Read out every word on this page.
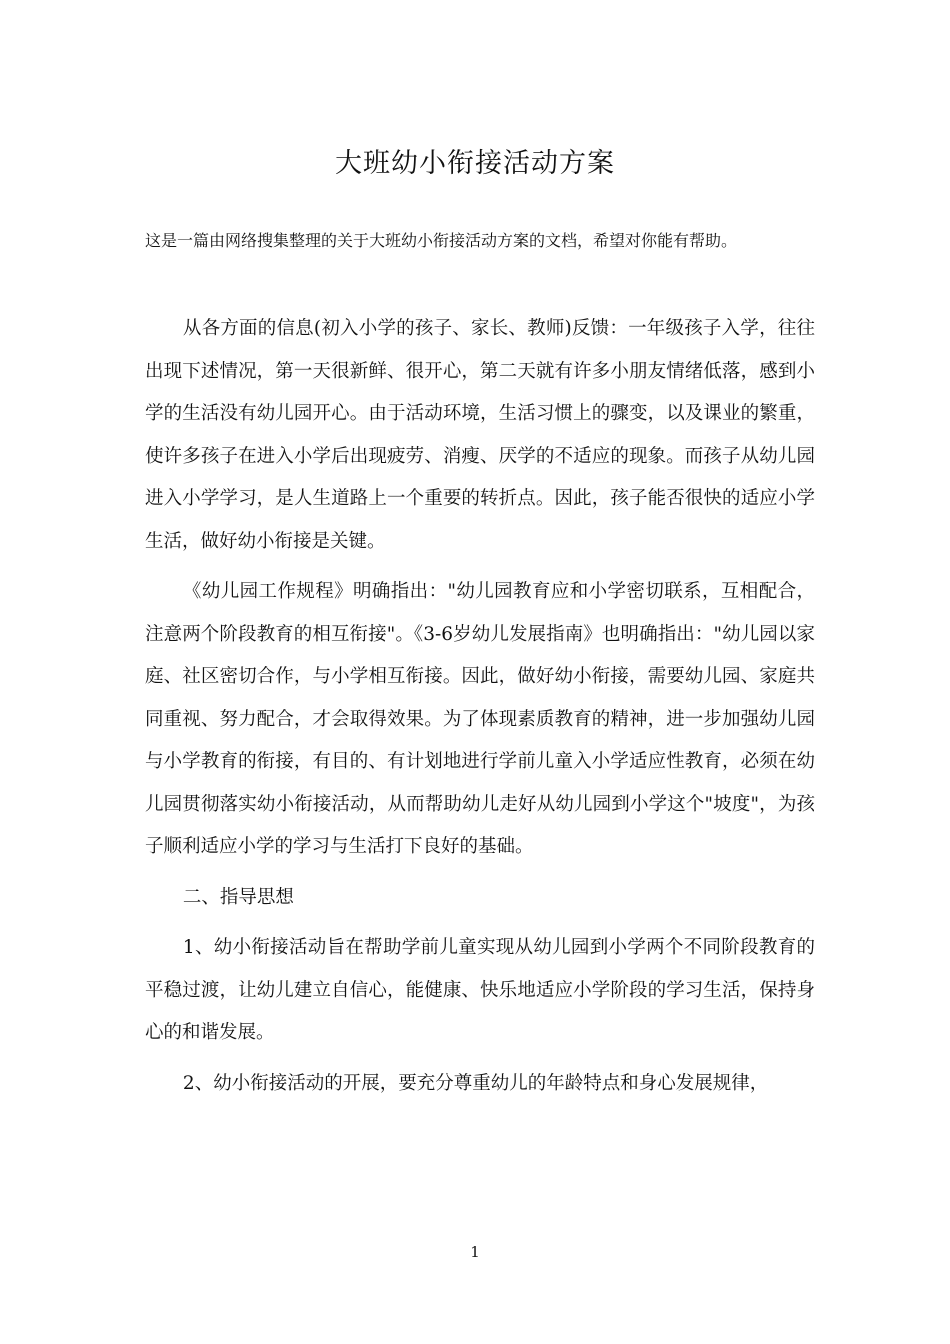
大班幼小衔接活动方案

这是一篇由网络搜集整理的关于大班幼小衔接活动方案的文档，希望对你能有帮助。

从各方面的信息(初入小学的孩子、家长、教师)反馈：一年级孩子入学，往往出现下述情况，第一天很新鲜、很开心，第二天就有许多小朋友情绪低落，感到小学的生活没有幼儿园开心。由于活动环境，生活习惯上的骤变，以及课业的繁重，使许多孩子在进入小学后出现疲劳、消瘦、厌学的不适应的现象。而孩子从幼儿园进入小学学习，是人生道路上一个重要的转折点。因此，孩子能否很快的适应小学生活，做好幼小衔接是关键。

《幼儿园工作规程》明确指出："幼儿园教育应和小学密切联系，互相配合，注意两个阶段教育的相互衔接"。《3-6岁幼儿发展指南》也明确指出："幼儿园以家庭、社区密切合作，与小学相互衔接。因此，做好幼小衔接，需要幼儿园、家庭共同重视、努力配合，才会取得效果。为了体现素质教育的精神，进一步加强幼儿园与小学教育的衔接，有目的、有计划地进行学前儿童入小学适应性教育，必须在幼儿园贯彻落实幼小衔接活动，从而帮助幼儿走好从幼儿园到小学这个"坡度"，为孩子顺利适应小学的学习与生活打下良好的基础。

二、指导思想

1、幼小衔接活动旨在帮助学前儿童实现从幼儿园到小学两个不同阶段教育的平稳过渡，让幼儿建立自信心，能健康、快乐地适应小学阶段的学习生活，保持身心的和谐发展。

2、幼小衔接活动的开展，要充分尊重幼儿的年龄特点和身心发展规律，

1
